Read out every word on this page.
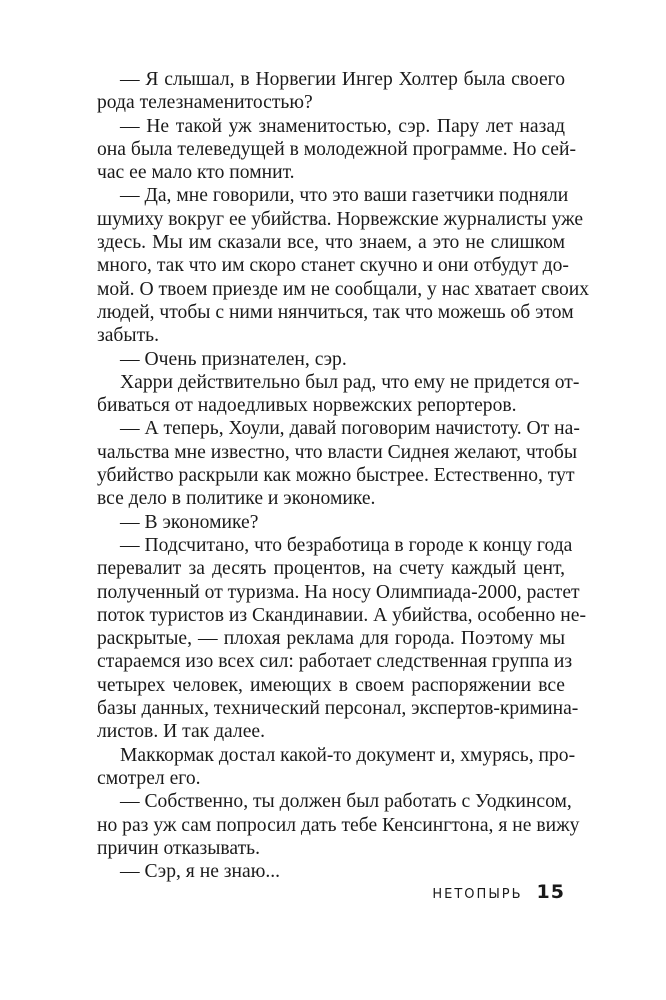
— Я слышал, в Норвегии Ингер Холтер была своего
рода телезнаменитостью?
— Не такой уж знаменитостью, сэр. Пару лет назад
она была телеведущей в молодежной программе. Но сей-
час ее мало кто помнит.
— Да, мне говорили, что это ваши газетчики подняли
шумиху вокруг ее убийства. Норвежские журналисты уже
здесь. Мы им сказали все, что знаем, а это не слишком
много, так что им скоро станет скучно и они отбудут до-
мой. О твоем приезде им не сообщали, у нас хватает своих
людей, чтобы с ними нянчиться, так что можешь об этом
забыть.
— Очень признателен, сэр.
Харри действительно был рад, что ему не придется от-
биваться от надоедливых норвежских репортеров.
— А теперь, Хоули, давай поговорим начистоту. От на-
чальства мне известно, что власти Сиднея желают, чтобы
убийство раскрыли как можно быстрее. Естественно, тут
все дело в политике и экономике.
— В экономике?
— Подсчитано, что безработица в городе к концу года
перевалит за десять процентов, на счету каждый цент,
полученный от туризма. На носу Олимпиада-2000, растет
поток туристов из Скандинавии. А убийства, особенно не-
раскрытые, — плохая реклама для города. Поэтому мы
стараемся изо всех сил: работает следственная группа из
четырех человек, имеющих в своем распоряжении все
базы данных, технический персонал, экспертов-кримина-
листов. И так далее.
Маккормак достал какой-то документ и, хмурясь, про-
смотрел его.
— Собственно, ты должен был работать с Уодкинсом,
но раз уж сам попросил дать тебе Кенсингтона, я не вижу
причин отказывать.
— Сэр, я не знаю...
НЕТОПЫРЬ 15
